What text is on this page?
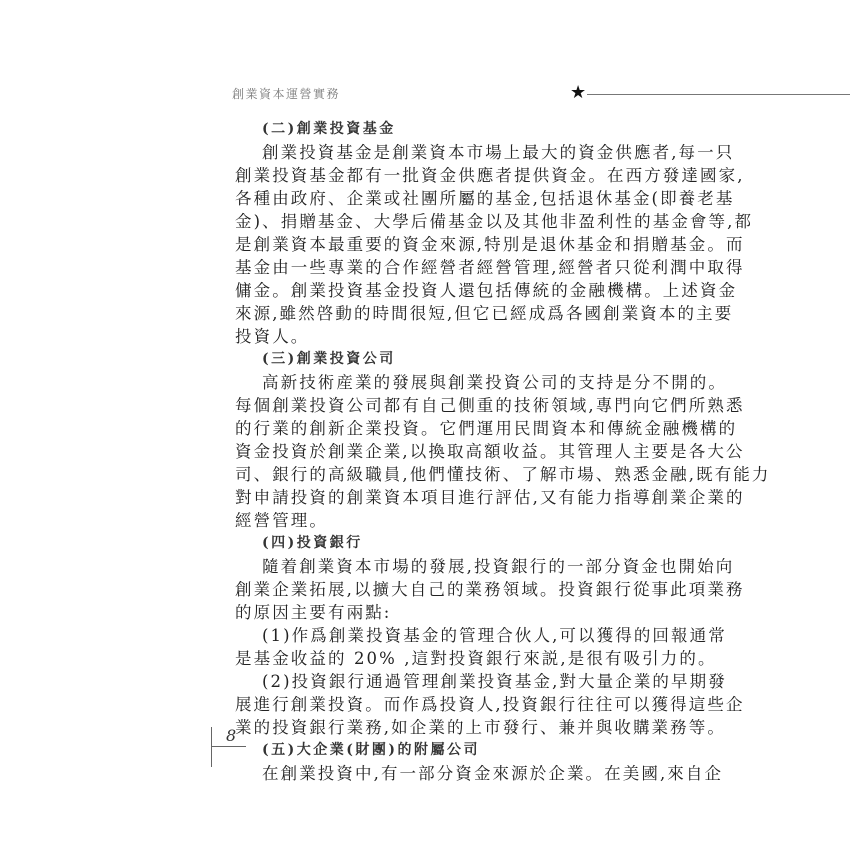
創業資本運營實務	★
(二)創業投資基金
創業投資基金是創業資本市場上最大的資金供應者,每一只
創業投資基金都有一批資金供應者提供資金。在西方發達國家,
各種由政府、企業或社團所屬的基金,包括退休基金(即養老基
金)、捐贈基金、大學后備基金以及其他非盈利性的基金會等,都
是創業資本最重要的資金來源,特別是退休基金和捐贈基金。而
基金由一些專業的合作經營者經營管理,經營者只從利潤中取得
傭金。創業投資基金投資人還包括傳統的金融機構。上述資金
來源,雖然啓動的時間很短,但它已經成爲各國創業資本的主要
投資人。
(三)創業投資公司
高新技術産業的發展與創業投資公司的支持是分不開的。
每個創業投資公司都有自己側重的技術領域,專門向它們所熟悉
的行業的創新企業投資。它們運用民間資本和傳統金融機構的
資金投資於創業企業,以換取高額收益。其管理人主要是各大公
司、銀行的高級職員,他們懂技術、了解市場、熟悉金融,既有能力
對申請投資的創業資本項目進行評估,又有能力指導創業企業的
經營管理。
(四)投資銀行
隨着創業資本市場的發展,投資銀行的一部分資金也開始向
創業企業拓展,以擴大自己的業務領域。投資銀行從事此項業務
的原因主要有兩點:
(1)作爲創業投資基金的管理合伙人,可以獲得的回報通常
是基金收益的 20% ,這對投資銀行來説,是很有吸引力的。
(2)投資銀行通過管理創業投資基金,對大量企業的早期發
展進行創業投資。而作爲投資人,投資銀行往往可以獲得這些企
業的投資銀行業務,如企業的上市發行、兼并與收購業務等。
(五)大企業(財團)的附屬公司
在創業投資中,有一部分資金來源於企業。在美國,來自企
8
